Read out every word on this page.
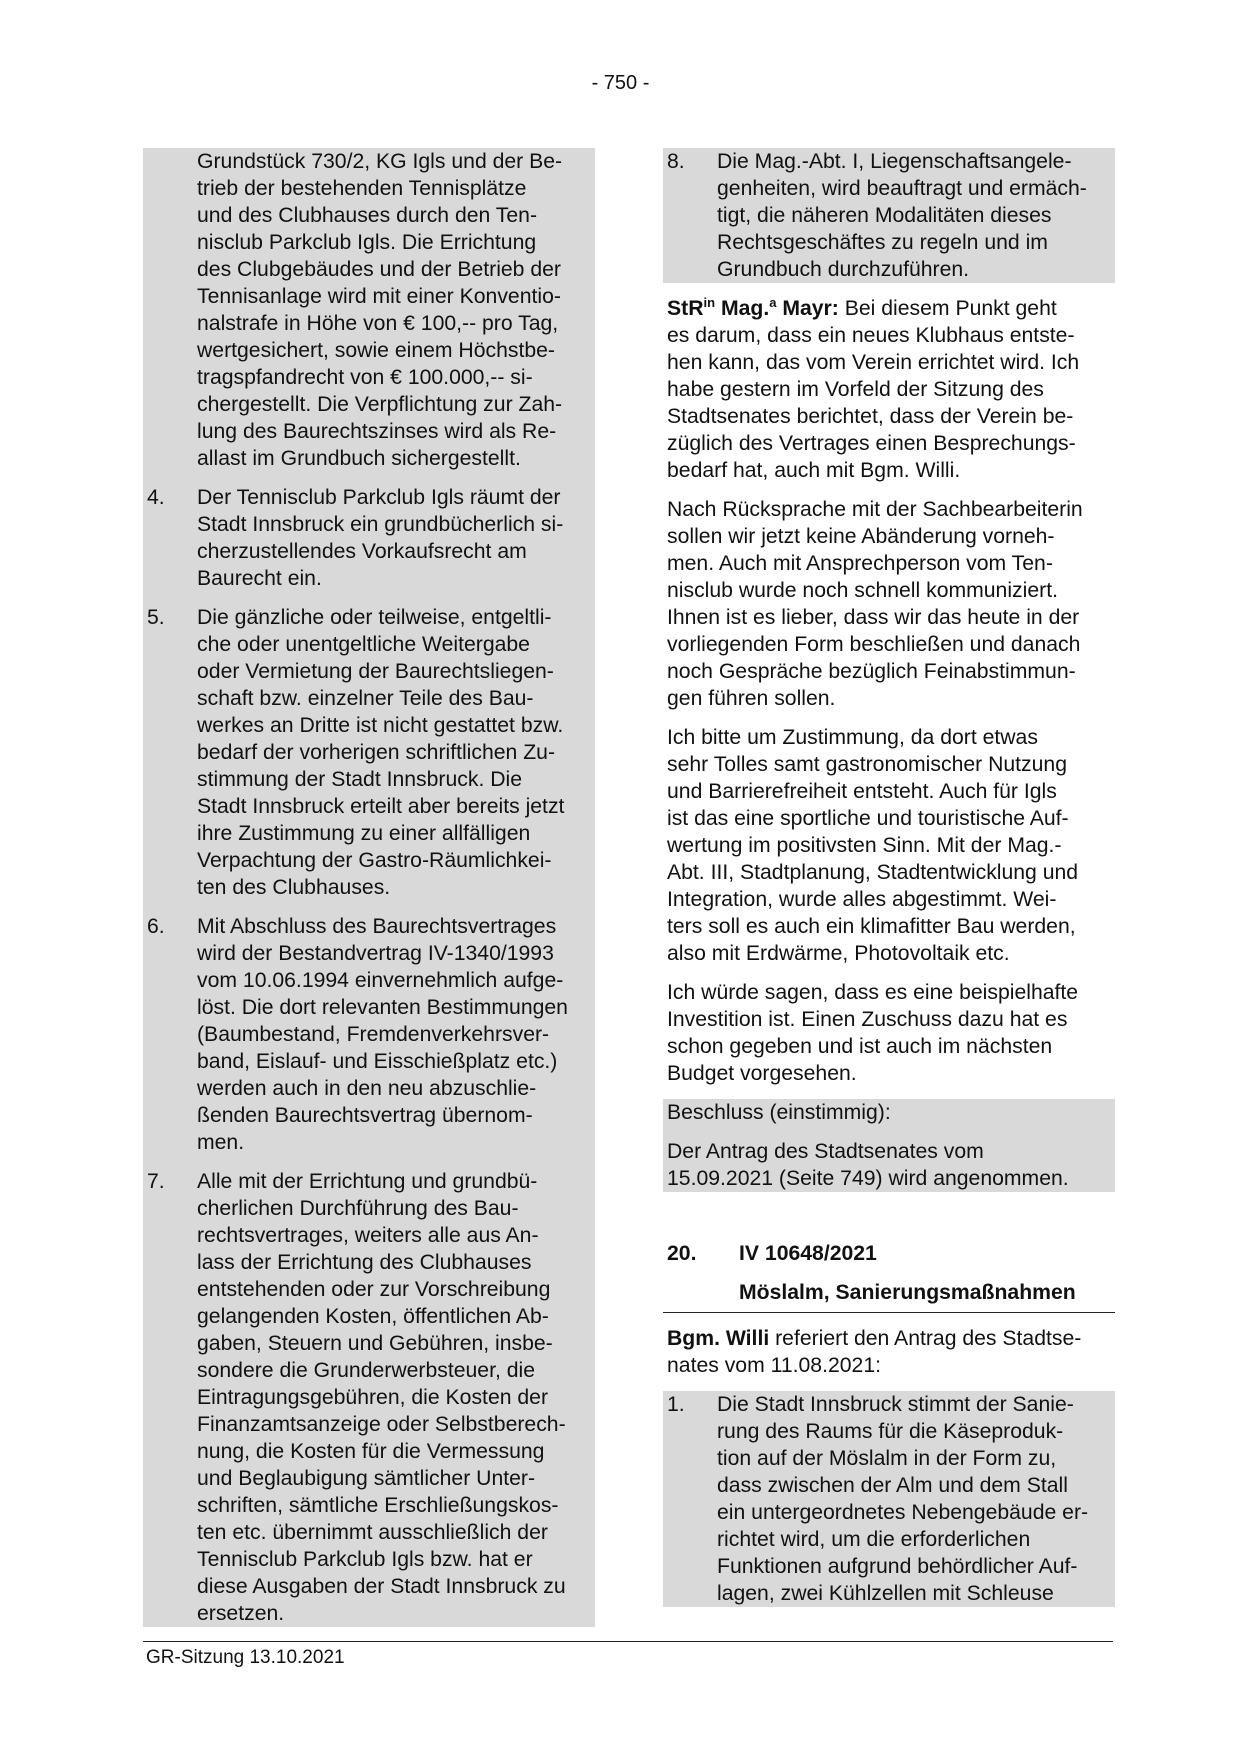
- 750 -
Grundstück 730/2, KG Igls und der Be-
trieb der bestehenden Tennisplätze
und des Clubhauses durch den Ten-
nisclub Parkclub Igls. Die Errichtung
des Clubgebäudes und der Betrieb der
Tennisanlage wird mit einer Konventio-
nalstrafe in Höhe von € 100,-- pro Tag,
wertgesichert, sowie einem Höchstbe-
tragspfandrecht von € 100.000,-- si-
chergestellt. Die Verpflichtung zur Zah-
lung des Baurechtszinses wird als Re-
allast im Grundbuch sichergestellt.
4.	Der Tennisclub Parkclub Igls räumt der
Stadt Innsbruck ein grundbücherlich si-
cherzustellendes Vorkaufsrecht am
Baurecht ein.
5.	Die gänzliche oder teilweise, entgeltli-
che oder unentgeltliche Weitergabe
oder Vermietung der Baurechtsliegen-
schaft bzw. einzelner Teile des Bau-
werkes an Dritte ist nicht gestattet bzw.
bedarf der vorherigen schriftlichen Zu-
stimmung der Stadt Innsbruck. Die
Stadt Innsbruck erteilt aber bereits jetzt
ihre Zustimmung zu einer allfälligen
Verpachtung der Gastro-Räumlichkei-
ten des Clubhauses.
6.	Mit Abschluss des Baurechtsvertrages
wird der Bestandvertrag IV-1340/1993
vom 10.06.1994 einvernehmlich aufge-
löst. Die dort relevanten Bestimmungen
(Baumbestand, Fremdenverkehrsver-
band, Eislauf- und Eisschießplatz etc.)
werden auch in den neu abzuschlie-
ßenden Baurechtsvertrag übernom-
men.
7.	Alle mit der Errichtung und grundbü-
cherlichen Durchführung des Bau-
rechtsvertrages, weiters alle aus An-
lass der Errichtung des Clubhauses
entstehenden oder zur Vorschreibung
gelangenden Kosten, öffentlichen Ab-
gaben, Steuern und Gebühren, insbe-
sondere die Grunderwerbsteuer, die
Eintragungsgebühren, die Kosten der
Finanzamtsanzeige oder Selbstberech-
nung, die Kosten für die Vermessung
und Beglaubigung sämtlicher Unter-
schriften, sämtliche Erschließungskos-
ten etc. übernimmt ausschließlich der
Tennisclub Parkclub Igls bzw. hat er
diese Ausgaben der Stadt Innsbruck zu
ersetzen.
8.	Die Mag.-Abt. I, Liegenschaftsangele-
genheiten, wird beauftragt und ermäch-
tigt, die näheren Modalitäten dieses
Rechtsgeschäftes zu regeln und im
Grundbuch durchzuführen.
StR$^{in}$ Mag.$^a$ Mayr: Bei diesem Punkt geht
es darum, dass ein neues Klubhaus entste-
hen kann, das vom Verein errichtet wird. Ich
habe gestern im Vorfeld der Sitzung des
Stadtsenates berichtet, dass der Verein be-
züglich des Vertrages einen Besprechungs-
bedarf hat, auch mit Bgm. Willi.
Nach Rücksprache mit der Sachbearbeiterin
sollen wir jetzt keine Abänderung vorneh-
men. Auch mit Ansprechperson vom Ten-
nisclub wurde noch schnell kommuniziert.
Ihnen ist es lieber, dass wir das heute in der
vorliegenden Form beschließen und danach
noch Gespräche bezüglich Feinabstimmun-
gen führen sollen.
Ich bitte um Zustimmung, da dort etwas
sehr Tolles samt gastronomischer Nutzung
und Barrierefreiheit entsteht. Auch für Igls
ist das eine sportliche und touristische Auf-
wertung im positivsten Sinn. Mit der Mag.-
Abt. III, Stadtplanung, Stadtentwicklung und
Integration, wurde alles abgestimmt. Wei-
ters soll es auch ein klimafitter Bau werden,
also mit Erdwärme, Photovoltaik etc.
Ich würde sagen, dass es eine beispielhafte
Investition ist. Einen Zuschuss dazu hat es
schon gegeben und ist auch im nächsten
Budget vorgesehen.
Beschluss (einstimmig):
Der Antrag des Stadtsenates vom
15.09.2021 (Seite 749) wird angenommen.
20.	IV 10648/2021
Möslalm, Sanierungsmaßnahmen
Bgm. Willi referiert den Antrag des Stadtse-
nates vom 11.08.2021:
1.	Die Stadt Innsbruck stimmt der Sanie-
rung des Raums für die Käseproduk-
tion auf der Möslalm in der Form zu,
dass zwischen der Alm und dem Stall
ein untergeordnetes Nebengebäude er-
richtet wird, um die erforderlichen
Funktionen aufgrund behördlicher Auf-
lagen, zwei Kühlzellen mit Schleuse
GR-Sitzung 13.10.2021
